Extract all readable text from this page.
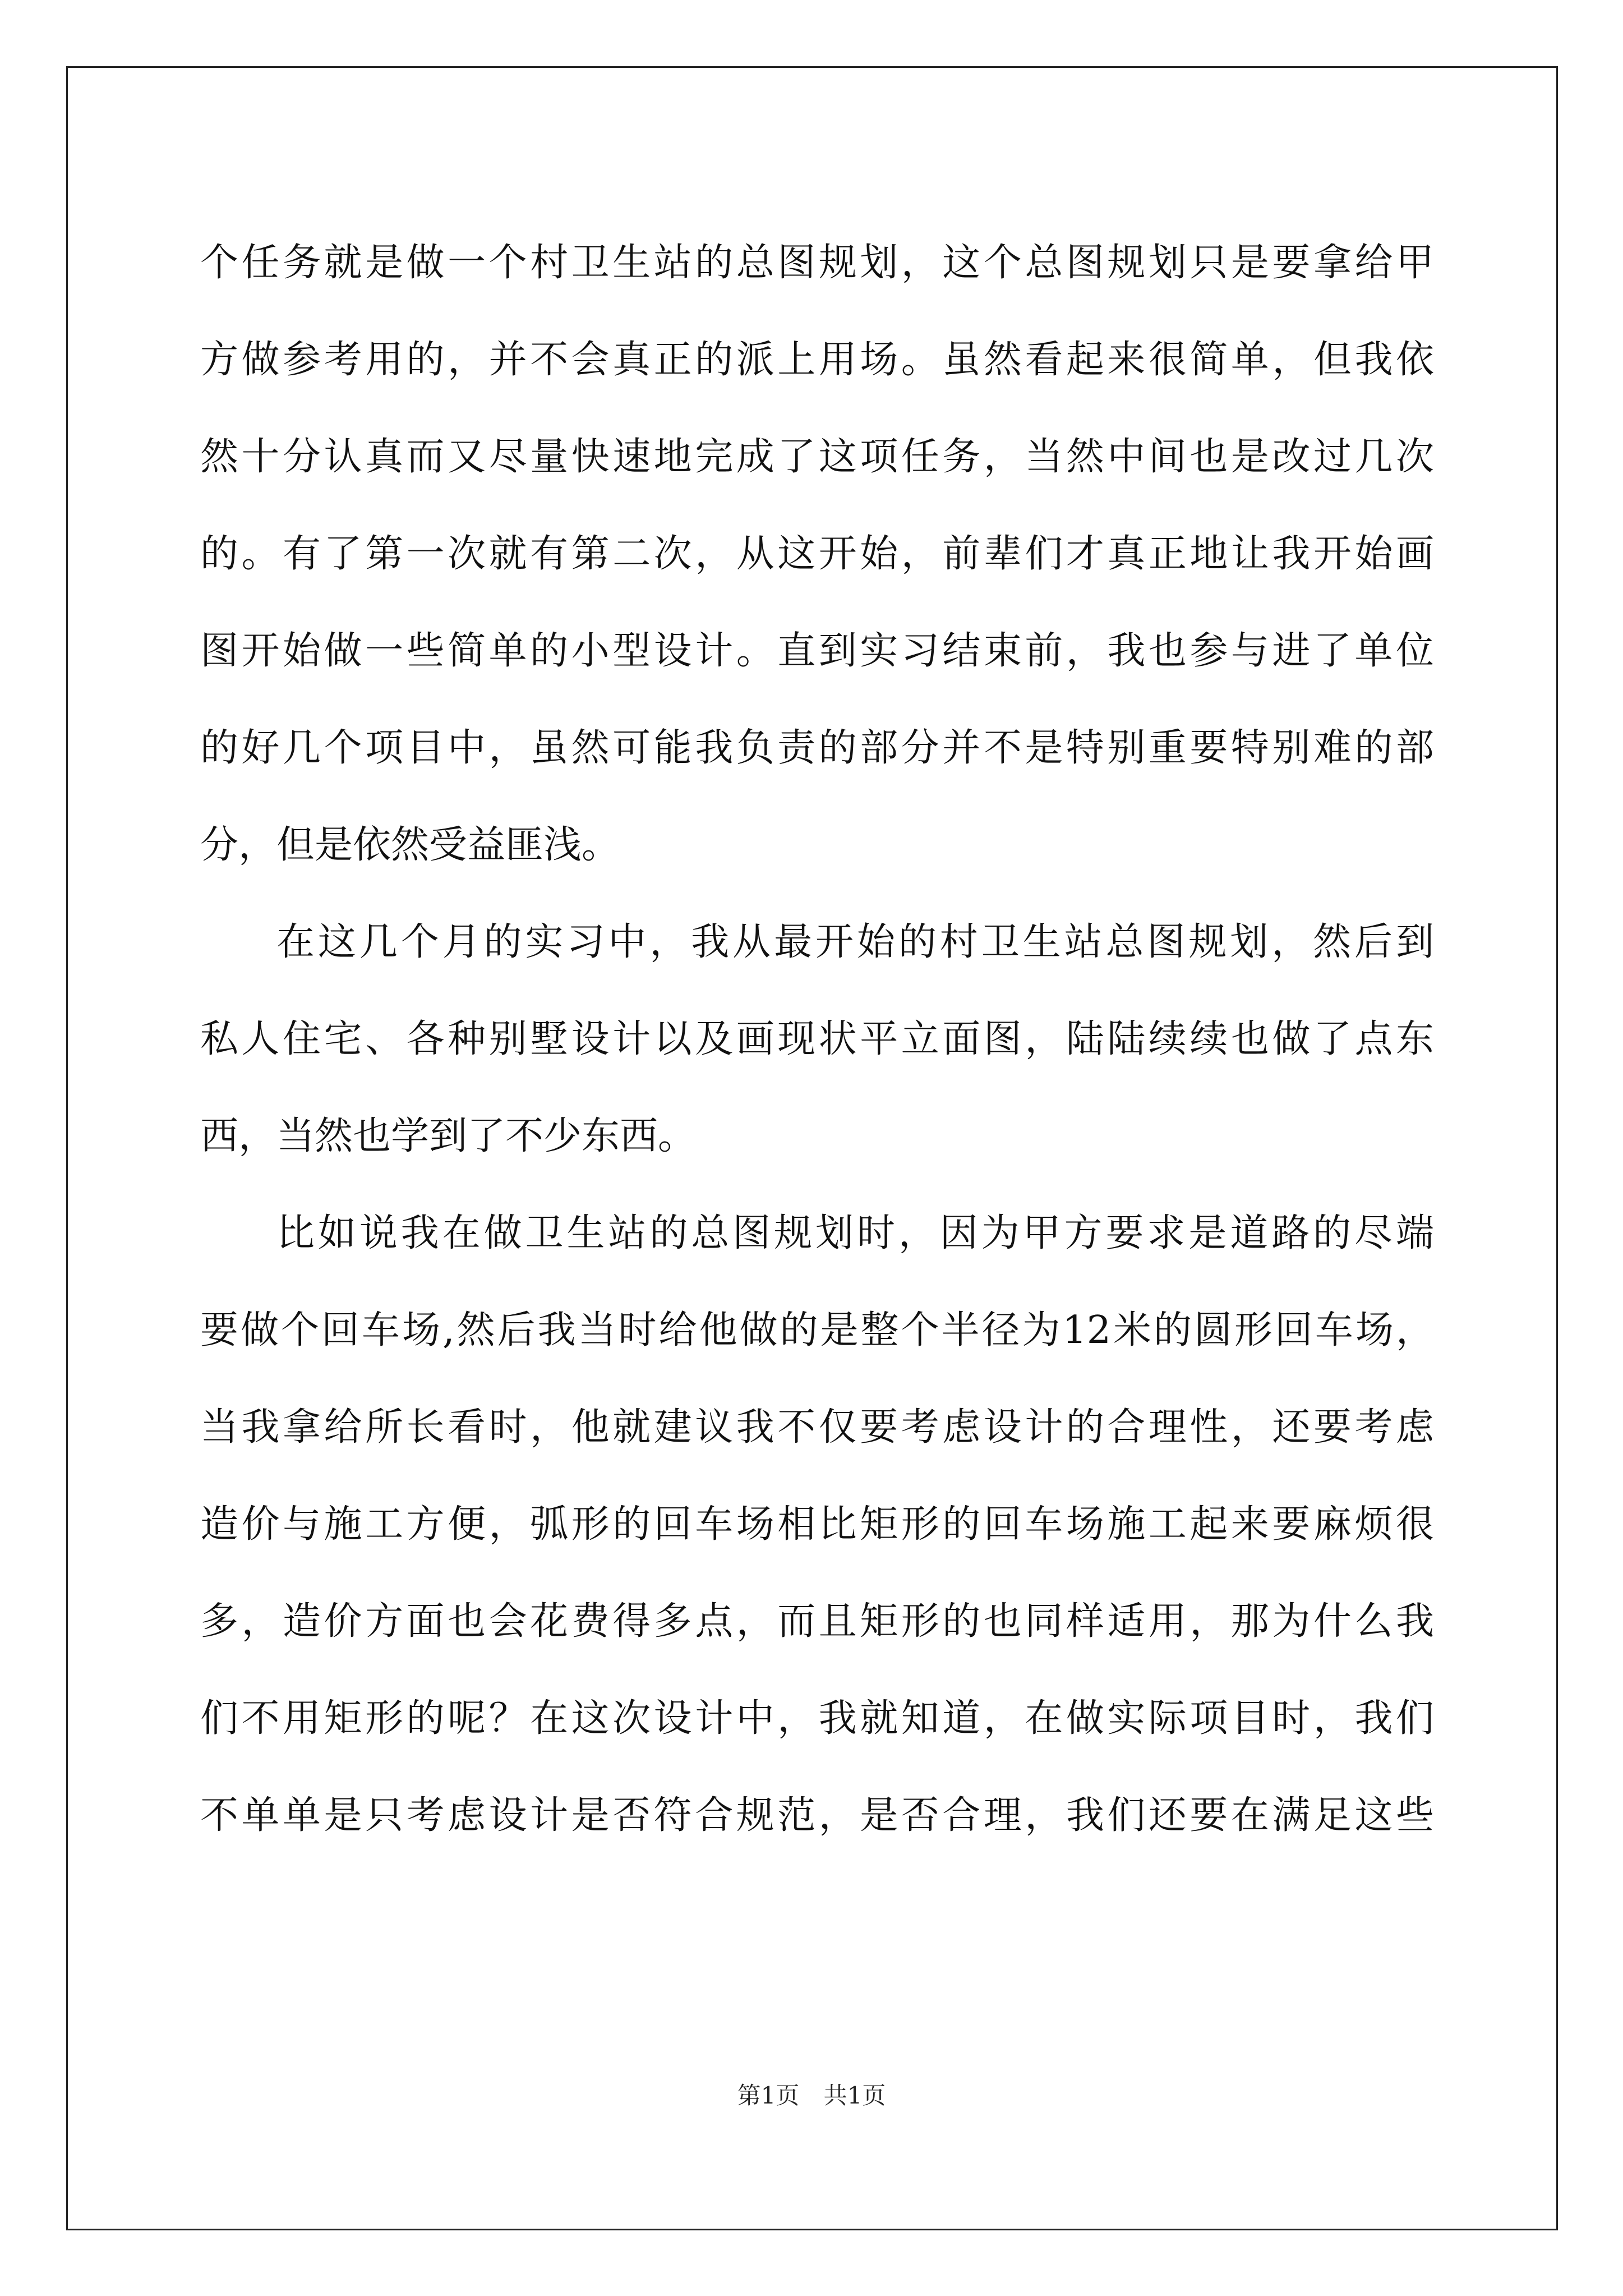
个任务就是做一个村卫生站的总图规划，这个总图规划只是要拿给甲

方做参考用的，并不会真正的派上用场。虽然看起来很简单，但我依

然十分认真而又尽量快速地完成了这项任务，当然中间也是改过几次

的。有了第一次就有第二次，从这开始，前辈们才真正地让我开始画

图开始做一些简单的小型设计。直到实习结束前，我也参与进了单位

的好几个项目中，虽然可能我负责的部分并不是特别重要特别难的部

分，但是依然受益匪浅。

在这几个月的实习中，我从最开始的村卫生站总图规划，然后到

私人住宅、各种别墅设计以及画现状平立面图，陆陆续续也做了点东

西，当然也学到了不少东西。

比如说我在做卫生站的总图规划时，因为甲方要求是道路的尽端

要做个回车场,然后我当时给他做的是整个半径为12米的圆形回车场，

当我拿给所长看时，他就建议我不仅要考虑设计的合理性，还要考虑

造价与施工方便，弧形的回车场相比矩形的回车场施工起来要麻烦很

多，造价方面也会花费得多点，而且矩形的也同样适用，那为什么我

们不用矩形的呢？在这次设计中，我就知道，在做实际项目时，我们

不单单是只考虑设计是否符合规范，是否合理，我们还要在满足这些

第1页 共1页
